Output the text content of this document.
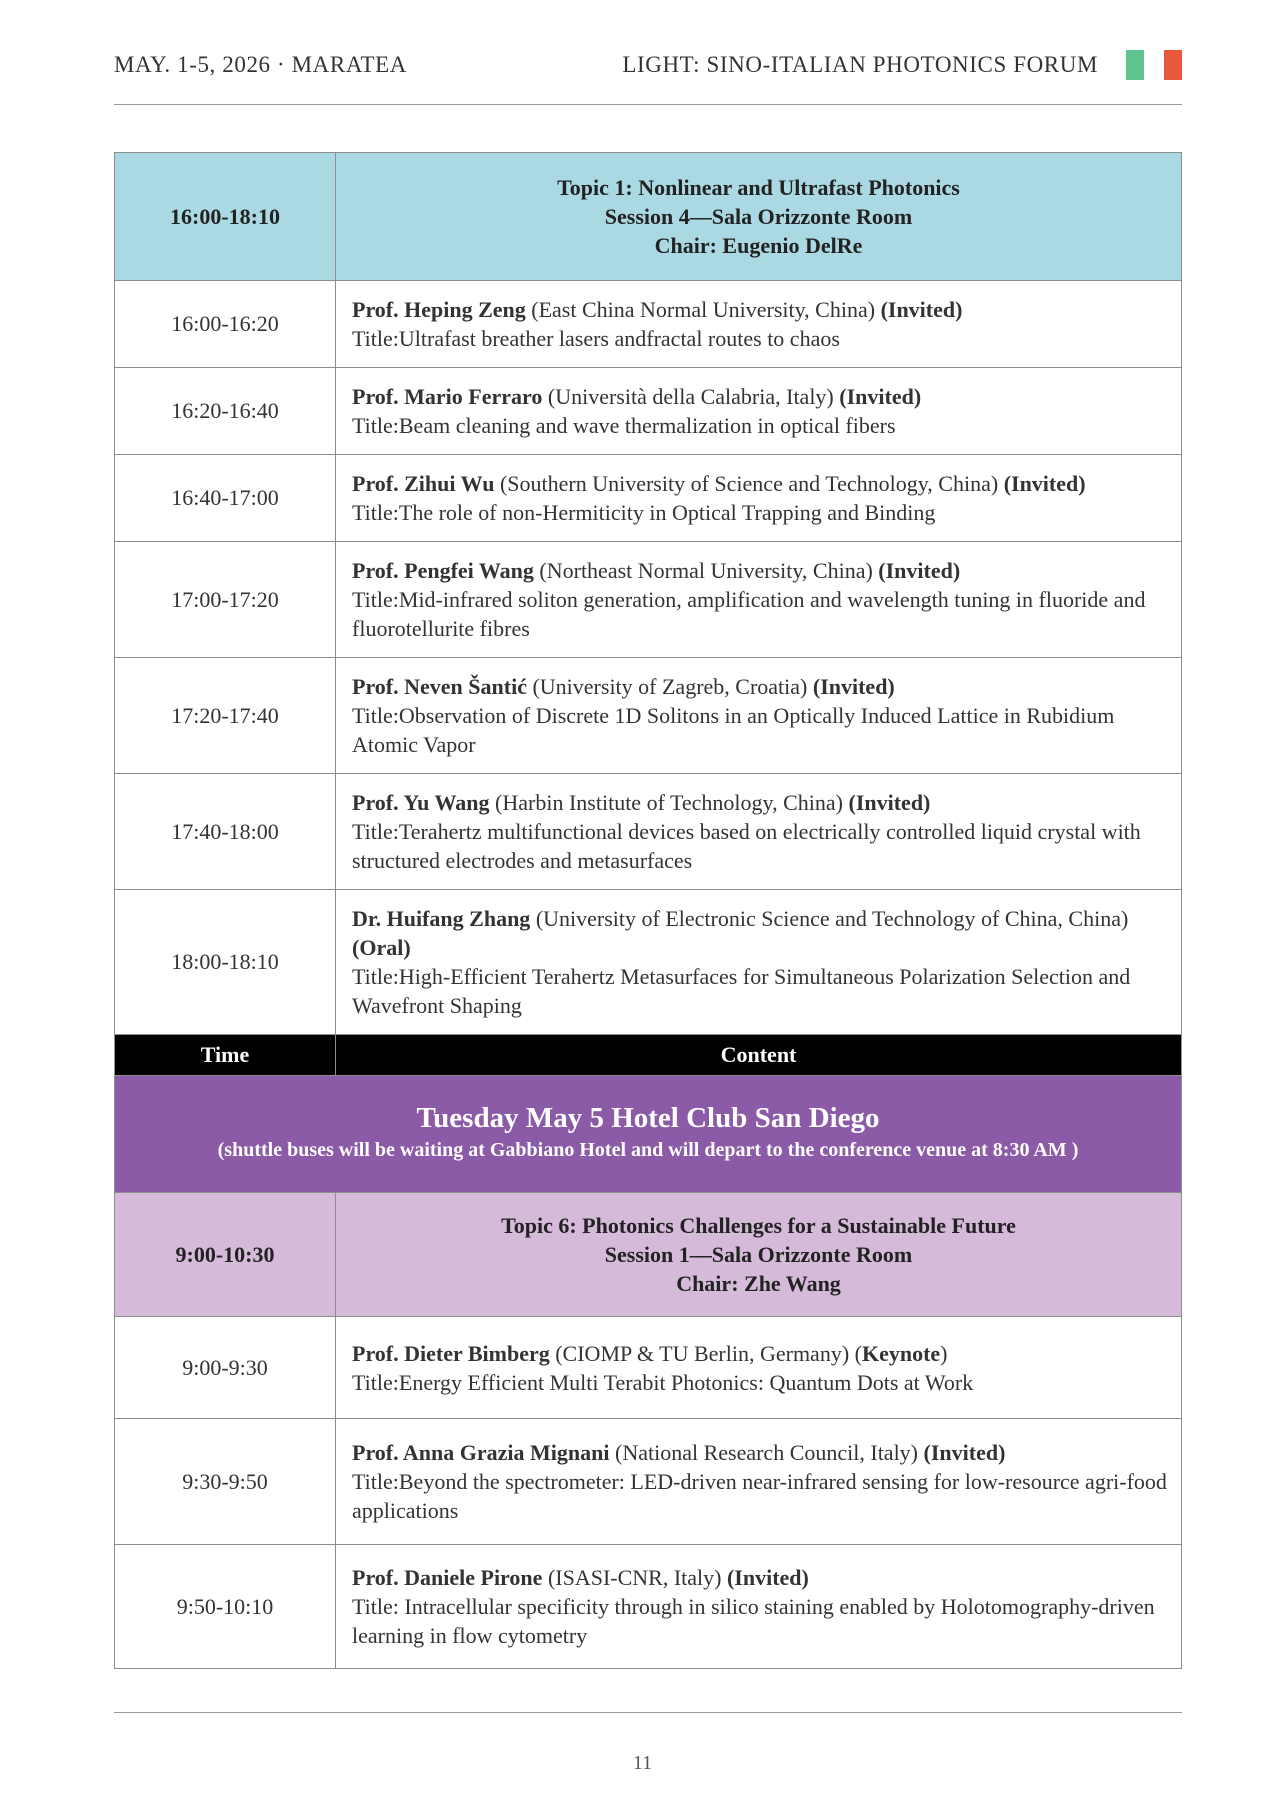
MAY. 1-5, 2026 · MARATEA	LIGHT: SINO-ITALIAN PHOTONICS FORUM
16:00-18:10	Topic 1: Nonlinear and Ultrafast Photonics
Session 4—Sala Orizzonte Room
Chair: Eugenio DelRe

16:00-16:20	Prof. Heping Zeng (East China Normal University, China) (Invited)
Title:Ultrafast breather lasers andfractal routes to chaos
16:20-16:40	Prof. Mario Ferraro (Università della Calabria, Italy) (Invited)
Title:Beam cleaning and wave thermalization in optical fibers
16:40-17:00	Prof. Zihui Wu (Southern University of Science and Technology, China) (Invited)
Title:The role of non-Hermiticity in Optical Trapping and Binding
17:00-17:20	Prof. Pengfei Wang (Northeast Normal University, China) (Invited)
Title:Mid-infrared soliton generation, amplification and wavelength tuning in fluoride and fluorotellurite fibres
17:20-17:40	Prof. Neven Šantić (University of Zagreb, Croatia) (Invited)
Title:Observation of Discrete 1D Solitons in an Optically Induced Lattice in Rubidium Atomic Vapor
17:40-18:00	Prof. Yu Wang (Harbin Institute of Technology, China) (Invited)
Title:Terahertz multifunctional devices based on electrically controlled liquid crystal with structured electrodes and metasurfaces
18:00-18:10	Dr. Huifang Zhang (University of Electronic Science and Technology of China, China) (Oral)
Title:High-Efficient Terahertz Metasurfaces for Simultaneous Polarization Selection and Wavefront Shaping
Time	Content

Tuesday May 5 Hotel Club San Diego
(shuttle buses will be waiting at Gabbiano Hotel and will depart to the conference venue at 8:30 AM )	

9:00-10:30	Topic 6: Photonics Challenges for a Sustainable Future
Session 1—Sala Orizzonte Room
Chair: Zhe Wang

9:00-9:30	Prof. Dieter Bimberg (CIOMP & TU Berlin, Germany) (Keynote)
Title:Energy Efficient Multi Terabit Photonics: Quantum Dots at Work
9:30-9:50	Prof. Anna Grazia Mignani (National Research Council, Italy) (Invited)
Title:Beyond the spectrometer: LED-driven near-infrared sensing for low-resource agri-food applications
9:50-10:10	Prof. Daniele Pirone (ISASI-CNR, Italy) (Invited)
Title: Intracellular specificity through in silico staining enabled by Holotomography-driven learning in flow cytometry
11
